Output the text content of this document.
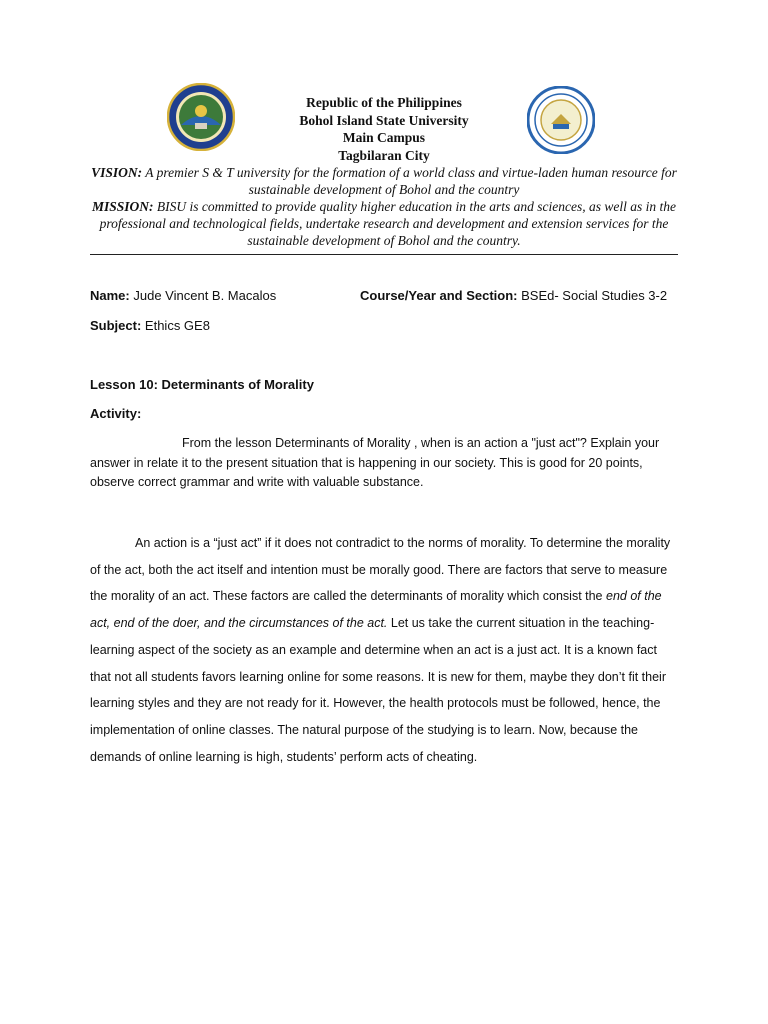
Republic of the Philippines
Bohol Island State University
Main Campus
Tagbilaran City
VISION: A premier S & T university for the formation of a world class and virtue-laden human resource for sustainable development of Bohol and the country
MISSION: BISU is committed to provide quality higher education in the arts and sciences, as well as in the professional and technological fields, undertake research and development and extension services for the sustainable development of Bohol and the country.
Name: Jude Vincent B. Macalos	Course/Year and Section: BSEd- Social Studies 3-2
Subject: Ethics GE8
Lesson 10: Determinants of Morality
Activity:
From the lesson Determinants of Morality , when is an action a "just act"? Explain your answer in relate it to the present situation that is happening in our society. This is good for 20 points, observe correct grammar and write with valuable substance.
An action is a “just act” if it does not contradict to the norms of morality. To determine the morality of the act, both the act itself and intention must be morally good. There are factors that serve to measure the morality of an act. These factors are called the determinants of morality which consist the end of the act, end of the doer, and the circumstances of the act. Let us take the current situation in the teaching-learning aspect of the society as an example and determine when an act is a just act. It is a known fact that not all students favors learning online for some reasons. It is new for them, maybe they don’t fit their learning styles and they are not ready for it. However, the health protocols must be followed, hence, the implementation of online classes. The natural purpose of the studying is to learn. Now, because the demands of online learning is high, students’ perform acts of cheating.
